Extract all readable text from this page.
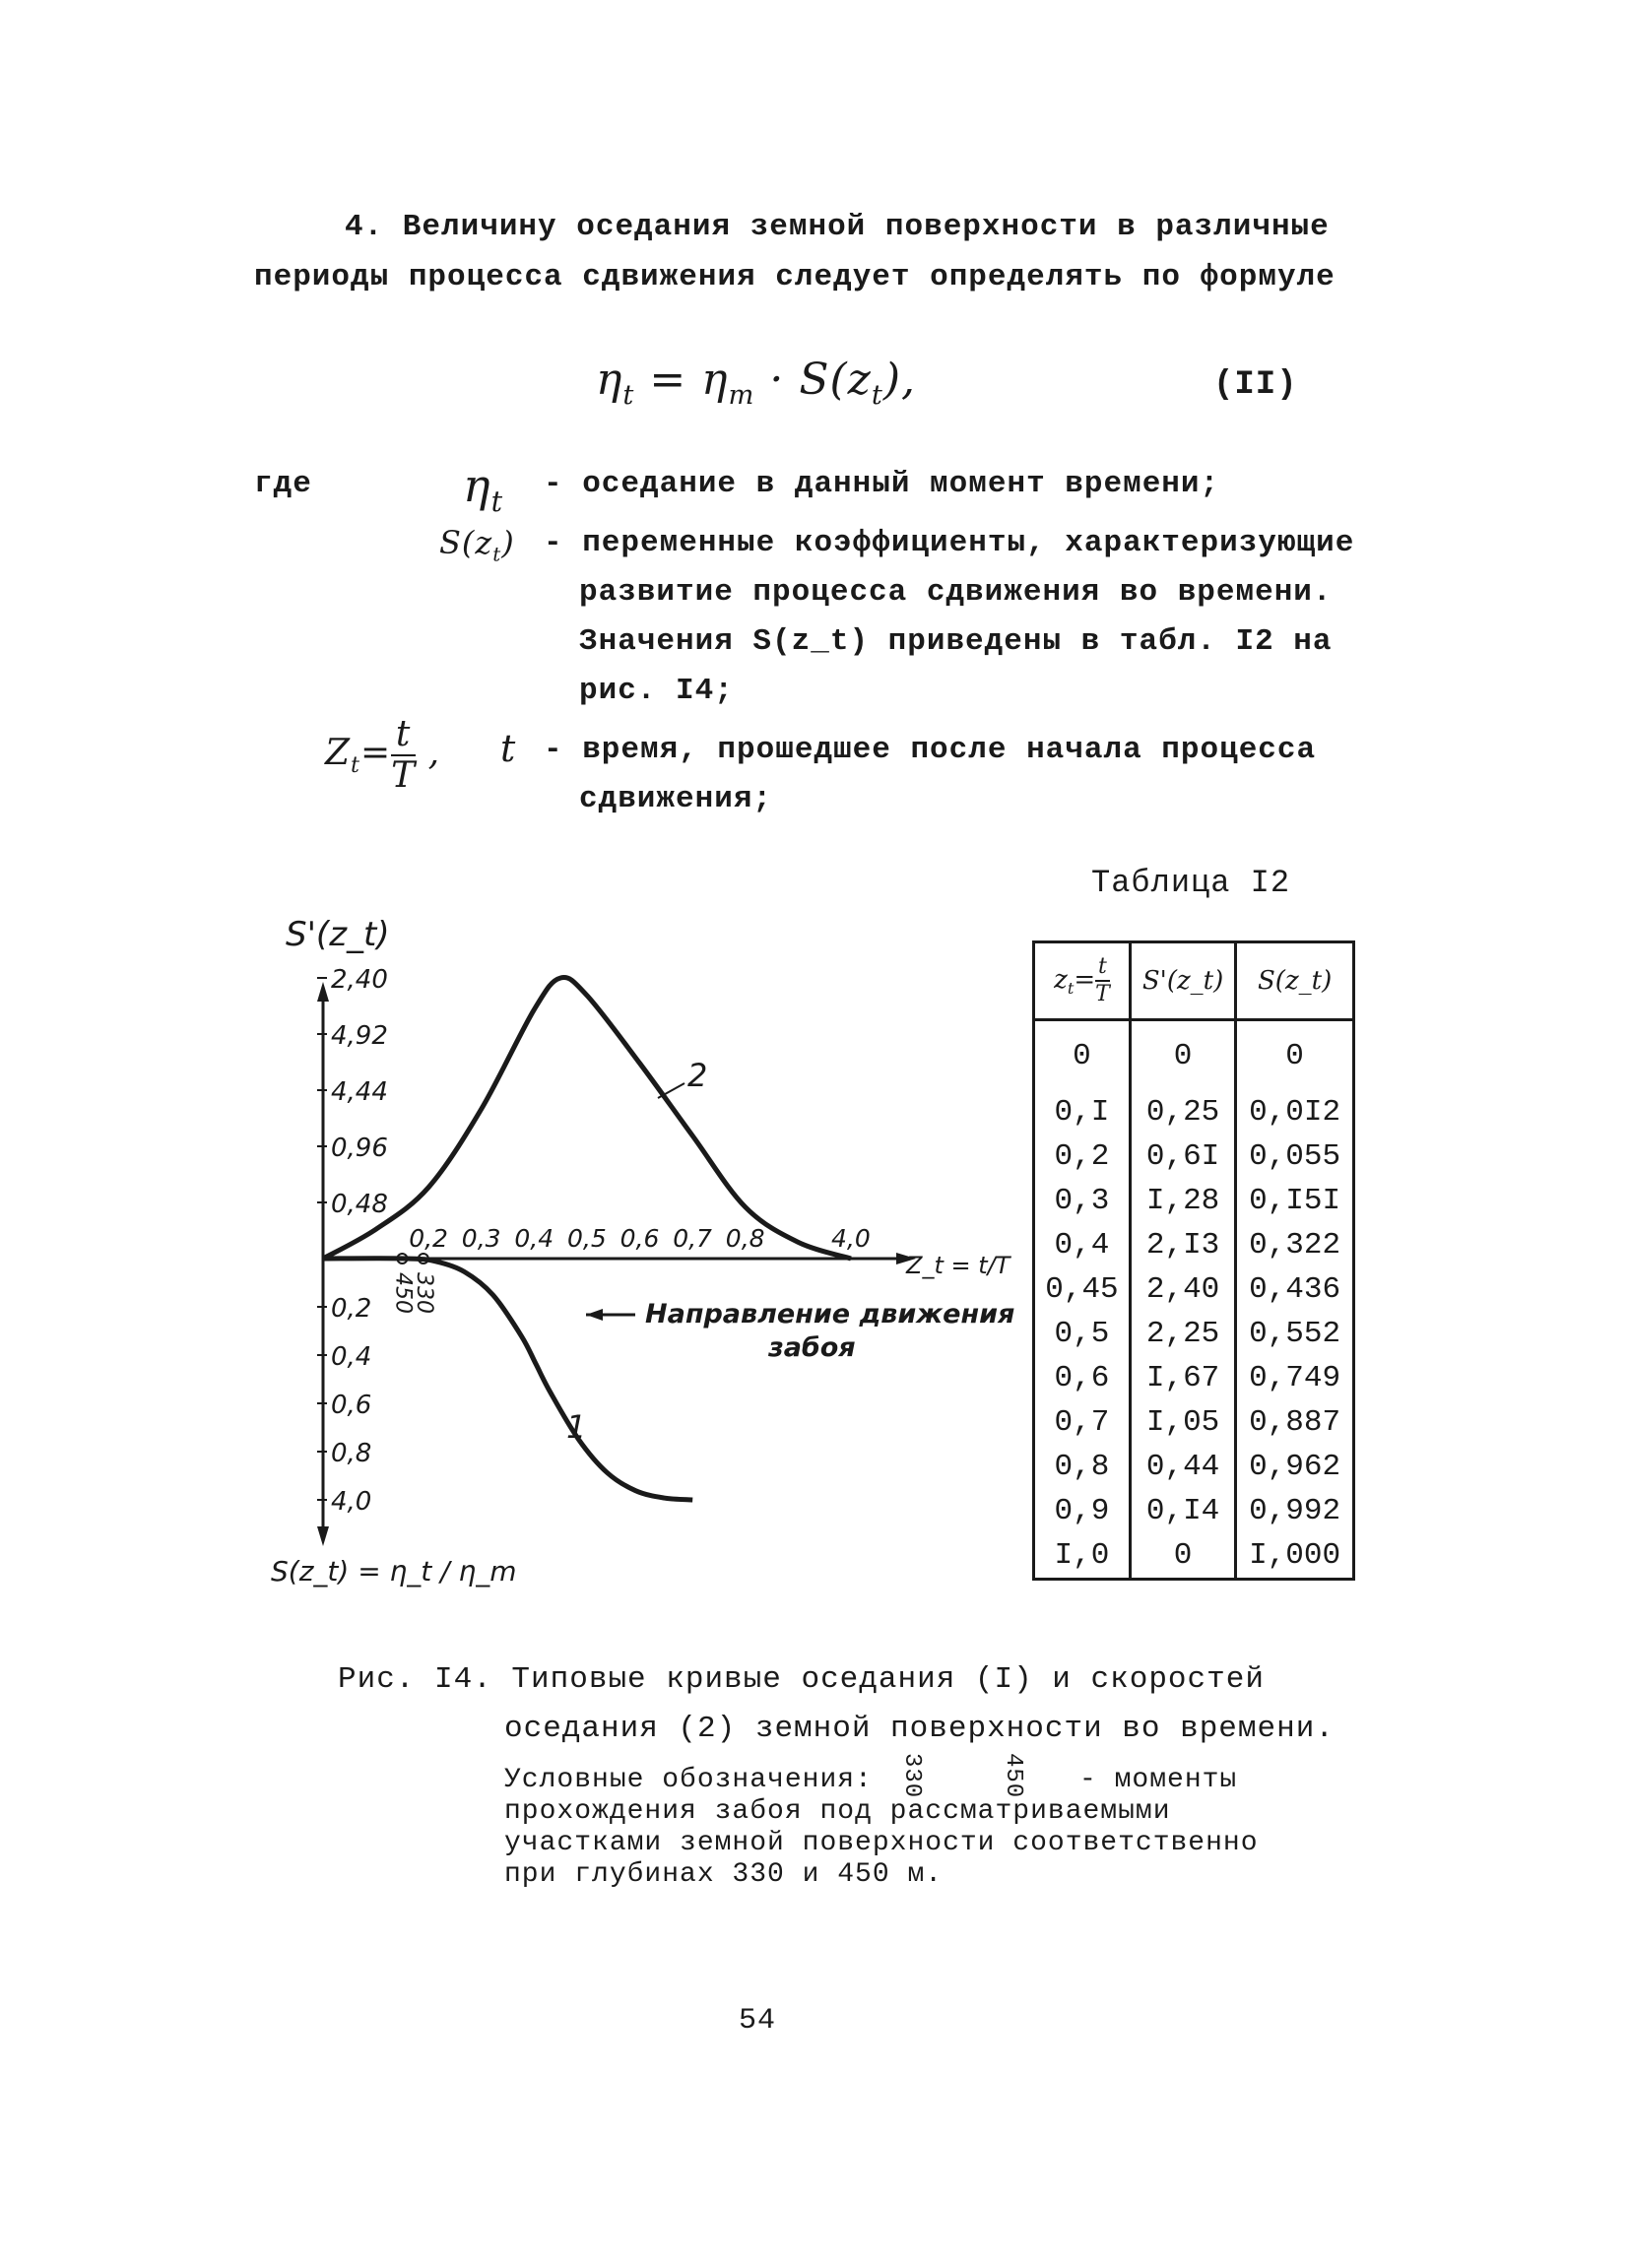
4. Величину оседания земной поверхности в различные
периоды процесса сдвижения следует определять по формуле
$\eta_t = \eta_m \cdot S(z_t)$,	(II)
где	$\eta_t$
- оседание в данный момент времени;
$S(z_t)$ - переменные коэффициенты, характеризующие
развитие процесса сдвижения во времени.
Значения S(z_t) приведены в табл. I2 на
рис. I4;
$Z_t= \frac{t}{T}$ , t - время, прошедшее после начала процесса
сдвижения;
Таблица I2
$z_t= \frac{t}{T}$	S'(z_t)	S(z_t)
0	0	0
0,I	0,25	0,0I2
0,2	0,6I	0,055
0,3	I,28	0,I5I
0,4	2,I3	0,322
0,45	2,40	0,436
0,5	2,25	0,552
0,6	I,67	0,749
0,7	I,05	0,887
0,8	0,44	0,962
0,9	0,I4	0,992
I,0	0	I,000
2,40
4,92
4,44
0,96
0,48
0,2
0,4
0,6
0,8
4,0
0,2 0,3 0,4 0,5 0,6 0,7 0,8	4,0
450
330
S'(z_t)
S(z_t) = η_t / η_m
Z_t = t/T
2
1
Направление движения
забоя
Рис. I4. Типовые кривые оседания (I) и скоростей
оседания (2) земной поверхности во времени.
Условные обозначения: 330	450 - моменты
прохождения забоя под рассматриваемыми
участками земной поверхности соответственно
при глубинах 330 и 450 м.
54
